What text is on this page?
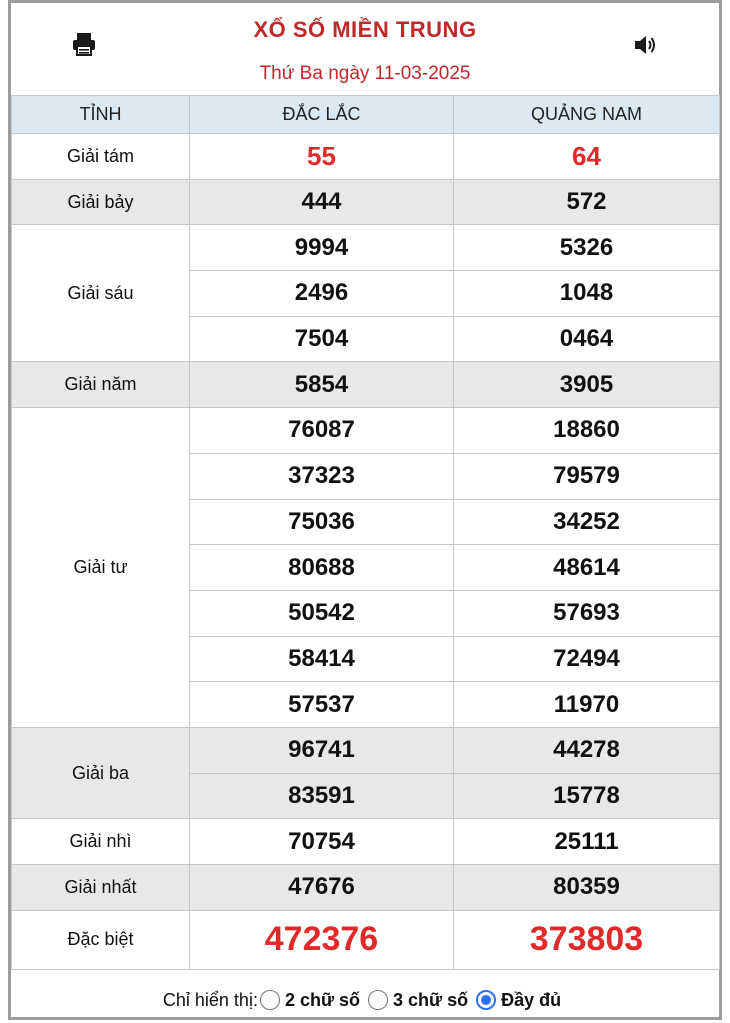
XỔ SỐ MIỀN TRUNG
Thứ Ba ngày 11-03-2025
TỈNH	ĐẮC LẮC	QUẢNG NAM
Giải tám	55	64
Giải bảy	444	572
Giải sáu	9994	5326
	2496	1048
	7504	0464
Giải năm	5854	3905
Giải tư	76087	18860
	37323	79579
	75036	34252
	80688	48614
	50542	57693
	58414	72494
	57537	11970
Giải ba	96741	44278
	83591	15778
Giải nhì	70754	25111
Giải nhất	47676	80359
Đặc biệt	472376	373803
Chỉ hiển thị: 2 chữ số 3 chữ số Đầy đủ
